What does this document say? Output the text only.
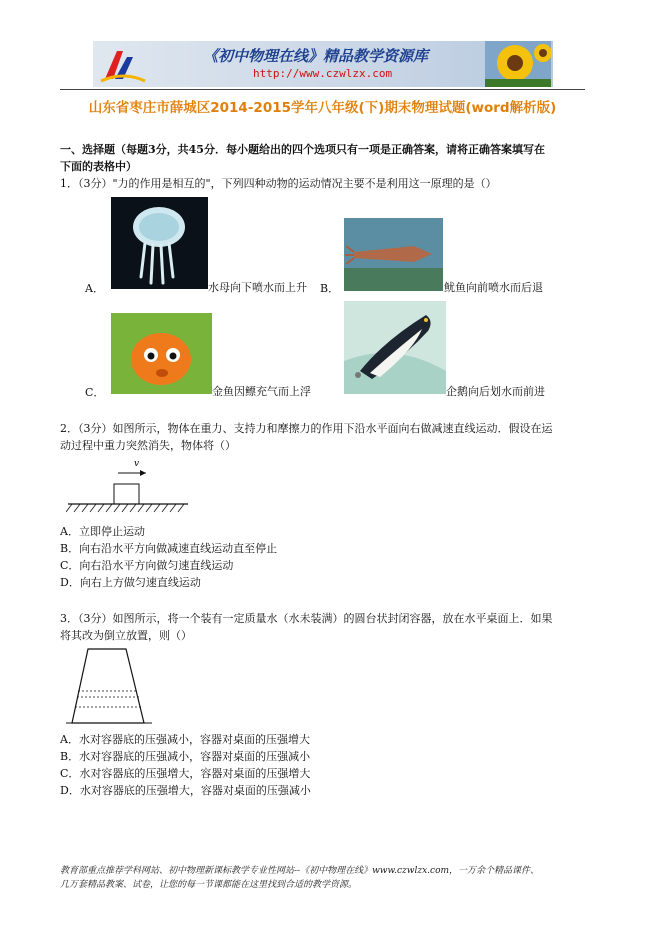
《初中物理在线》精品教学资源库
http://www.czwlzx.com
山东省枣庄市薛城区2014-2015学年八年级(下)期末物理试题(word解析版)
一、选择题（每题3分，共45分．每小题给出的四个选项只有一项是正确答案，请将正确答案填写在
下面的表格中）
1．（3分）"力的作用是相互的"，下列四种动物的运动情况主要不是利用这一原理的是（）
A．	水母向下喷水而上升 B．	鱿鱼向前喷水而后退
C．	金鱼因鳔充气而上浮	企鹅向后划水而前进
2．（3分）如图所示，物体在重力、支持力和摩擦力的作用下沿水平面向右做减速直线运动．假设在运
动过程中重力突然消失，物体将（）
v
A．立即停止运动
B．向右沿水平方向做减速直线运动直至停止
C．向右沿水平方向做匀速直线运动
D．向右上方做匀速直线运动
3．（3分）如图所示，将一个装有一定质量水（水未装满）的圆台状封闭容器，放在水平桌面上．如果
将其改为倒立放置，则（）
A．水对容器底的压强减小，容器对桌面的压强增大
B．水对容器底的压强减小，容器对桌面的压强减小
C．水对容器底的压强增大，容器对桌面的压强增大
D．水对容器底的压强增大，容器对桌面的压强减小
教育部重点推荐学科网站、初中物理新课标教学专业性网站--《初中物理在线》www.czwlzx.com，一万余个精品课件、
几万套精品教案、试卷，让您的每一节课都能在这里找到合适的教学资源。
